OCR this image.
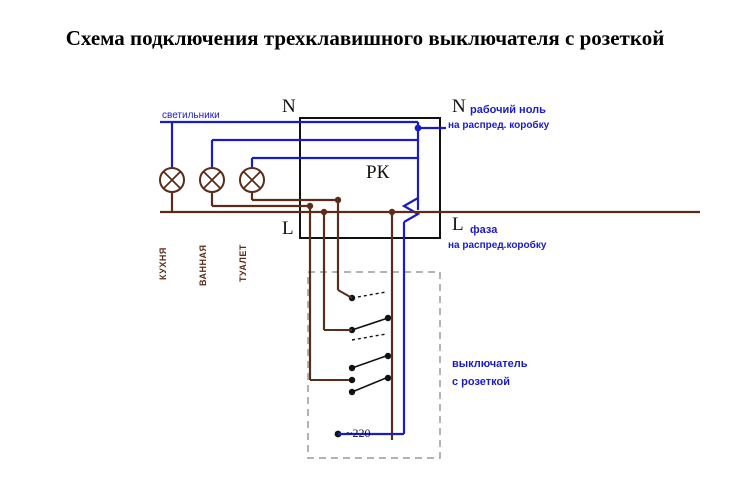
Схема подключения трехклавишного выключателя с розеткой
светильники	N	N рабочий ноль
на распред. коробку
РК
L	L фаза
на распред.коробку
КУХНЯ	ВАННАЯ	ТУАЛЕТ
выключатель
с розеткой
~220
